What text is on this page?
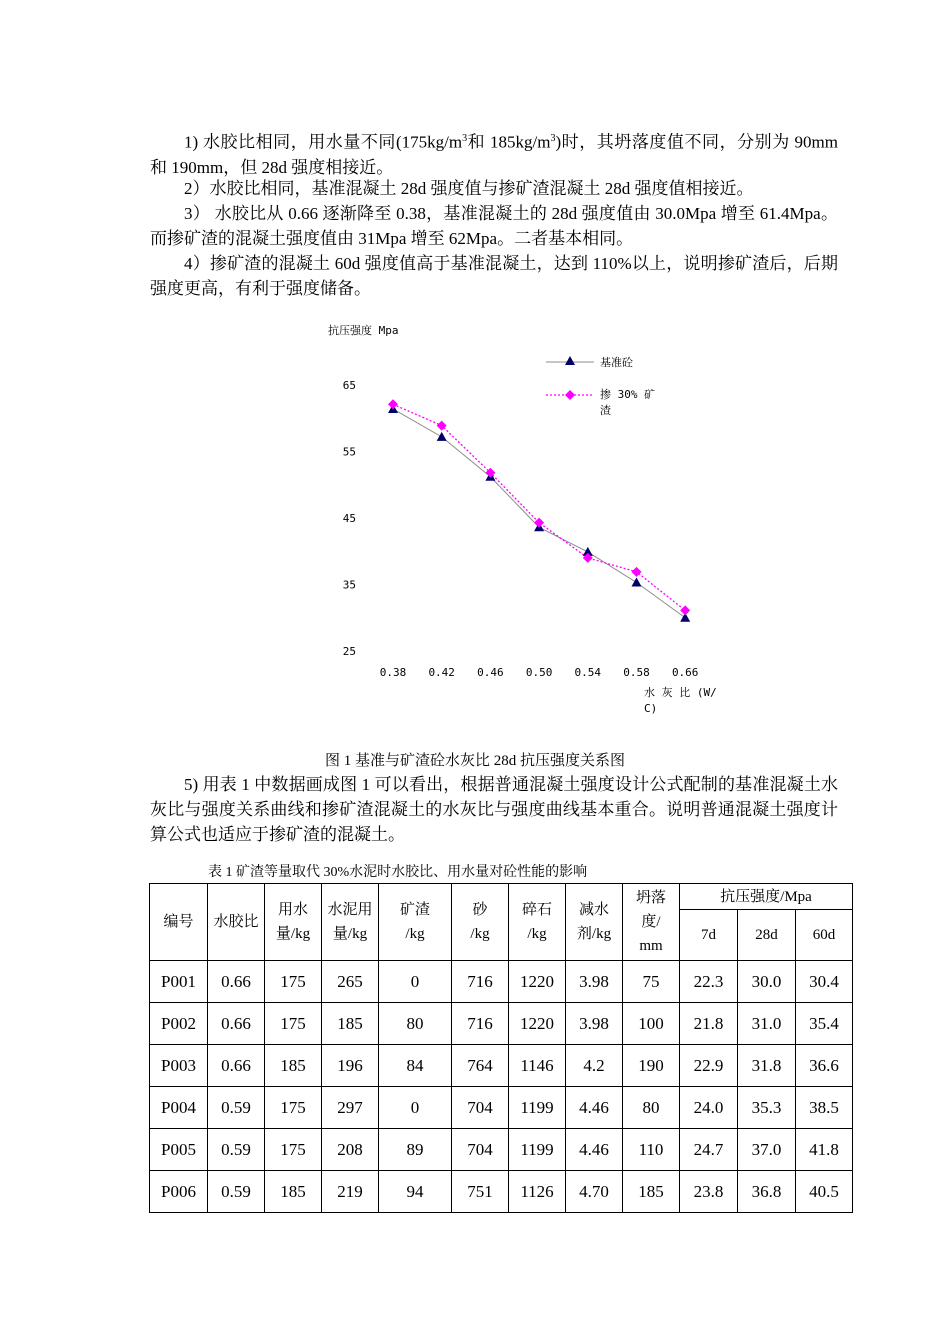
1) 水胶比相同，用水量不同($175kg/m^3$和 $185kg/m^3$)时，其坍落度值不同，分别为 90mm 和 190mm，但 28d 强度相接近。

2）水胶比相同，基准混凝土 28d 强度值与掺矿渣混凝土 28d 强度值相接近。

3） 水胶比从 0.66 逐渐降至 0.38，基准混凝土的 28d 强度值由 30.0Mpa 增至 61.4Mpa。而掺矿渣的混凝土强度值由 31Mpa 增至 62Mpa。二者基本相同。

4）掺矿渣的混凝土 60d 强度值高于基准混凝土，达到 110%以上，说明掺矿渣后，后期强度更高，有利于强度储备。

抗压强度 Mpa
25
35
45
55
65
0.38 0.42 0.46 0.50 0.54 0.58 0.66
水 灰 比 (W/
C)
基准砼
掺 30% 矿
渣
图 1 基准与矿渣砼水灰比 28d 抗压强度关系图

5) 用表 1 中数据画成图 1 可以看出，根据普通混凝土强度设计公式配制的基准混凝土水灰比与强度关系曲线和掺矿渣混凝土的水灰比与强度曲线基本重合。说明普通混凝土强度计算公式也适应于掺矿渣的混凝土。

表 1 矿渣等量取代 30%水泥时水胶比、用水量对砼性能的影响
编号	水胶比	用水
量/kg	水泥用
量/kg	矿渣
/kg	砂
/kg	碎石
/kg	减水
剂/kg	坍落
度/
mm	抗压强度/Mpa		
									7d	28d	60d
P001	0.66	175	265	0	716	1220	3.98	75	22.3	30.0	30.4
P002	0.66	175	185	80	716	1220	3.98	100	21.8	31.0	35.4
P003	0.66	185	196	84	764	1146	4.2	190	22.9	31.8	36.6
P004	0.59	175	297	0	704	1199	4.46	80	24.0	35.3	38.5
P005	0.59	175	208	89	704	1199	4.46	110	24.7	37.0	41.8
P006	0.59	185	219	94	751	1126	4.70	185	23.8	36.8	40.5
